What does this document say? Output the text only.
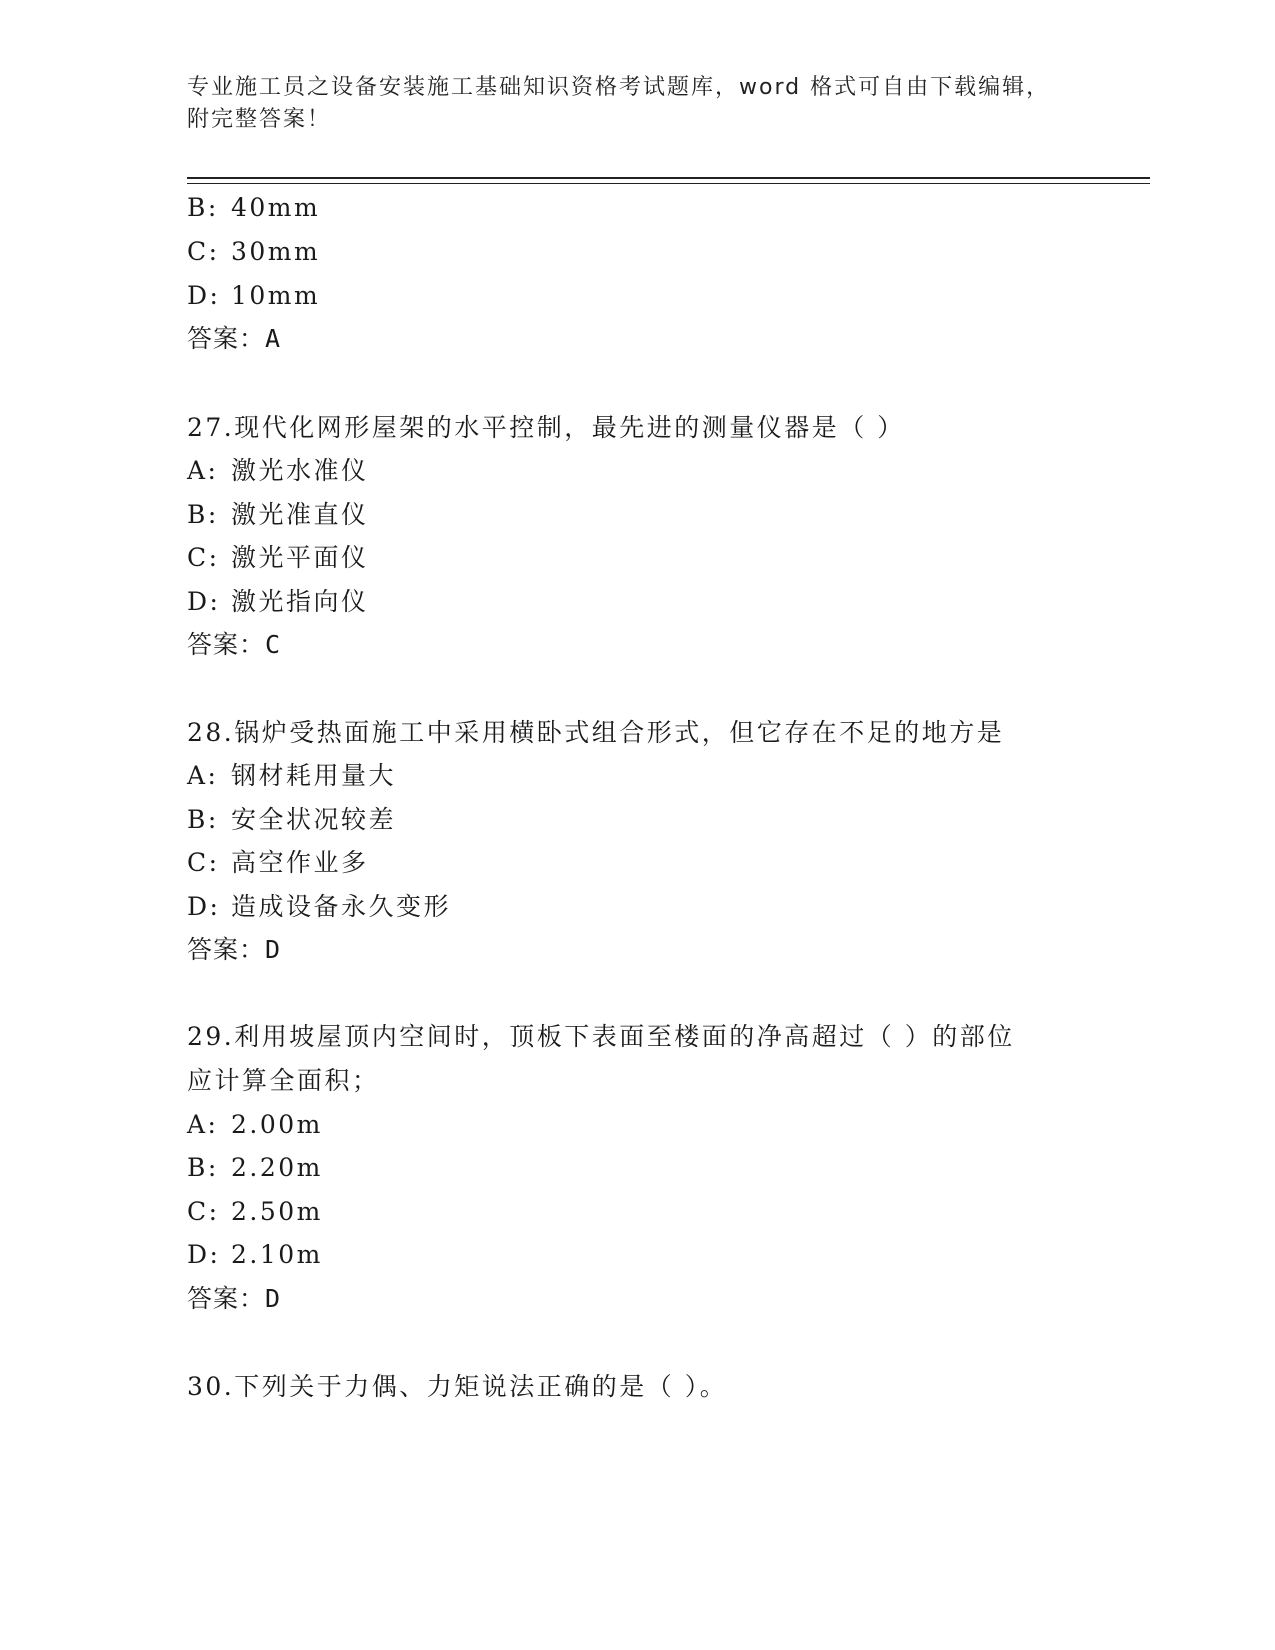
专业施工员之设备安装施工基础知识资格考试题库，word 格式可自由下载编辑，
附完整答案！
B: 40mm
C: 30mm
D: 10mm
答案：A
27.现代化网形屋架的水平控制，最先进的测量仪器是（ ）
A: 激光水准仪
B: 激光准直仪
C: 激光平面仪
D: 激光指向仪
答案：C
28.锅炉受热面施工中采用横卧式组合形式，但它存在不足的地方是
A: 钢材耗用量大
B: 安全状况较差
C: 高空作业多
D: 造成设备永久变形
答案：D
29.利用坡屋顶内空间时，顶板下表面至楼面的净高超过（ ）的部位
应计算全面积；
A: 2.00m
B: 2.20m
C: 2.50m
D: 2.10m
答案：D
30.下列关于力偶、力矩说法正确的是（ ）。
